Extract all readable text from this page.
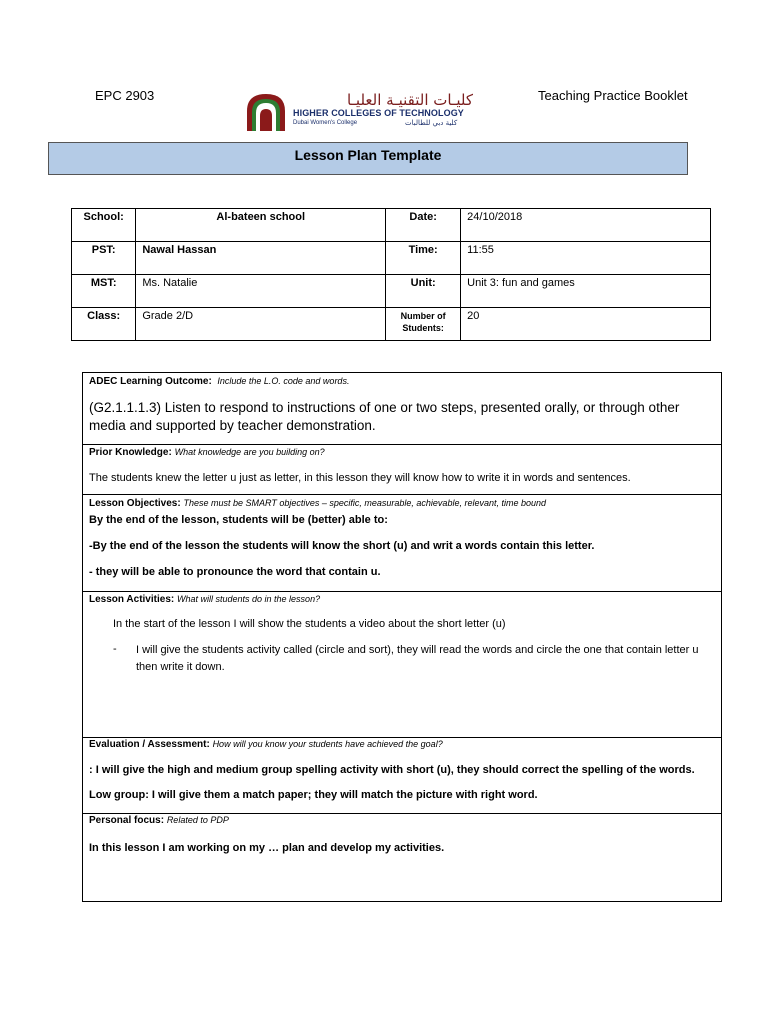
EPC 2903	Teaching Practice Booklet
كليـات التقنيـة العليـا
HIGHER COLLEGES OF TECHNOLOGY
Dubai Women's College	كلية دبي للطالبات
Lesson Plan Template
School:	Al-bateen school	Date:	24/10/2018
PST:	Nawal Hassan	Time:	11:55
MST:	Ms. Natalie	Unit:	Unit 3: fun and games
Class:	Grade 2/D	Number of Students:	20
ADEC Learning Outcome: Include the L.O. code and words.
(G2.1.1.1.3) Listen to respond to instructions of one or two steps, presented orally, or through other media and supported by teacher demonstration.
Prior Knowledge: What knowledge are you building on?
The students knew the letter u just as letter, in this lesson they will know how to write it in words and sentences.
Lesson Objectives: These must be SMART objectives – specific, measurable, achievable, relevant, time bound
By the end of the lesson, students will be (better) able to:
-By the end of the lesson the students will know the short (u) and writ a words contain this letter.
- they will be able to pronounce the word that contain u.
Lesson Activities: What will students do in the lesson?
In the start of the lesson I will show the students a video about the short letter (u)
- I will give the students activity called (circle and sort), they will read the words and circle the one that contain letter u then write it down.
Evaluation / Assessment: How will you know your students have achieved the goal?
: I will give the high and medium group spelling activity with short (u), they should correct the spelling of the words.
Low group: I will give them a match paper; they will match the picture with right word.
Personal focus: Related to PDP
In this lesson I am working on my … plan and develop my activities.
